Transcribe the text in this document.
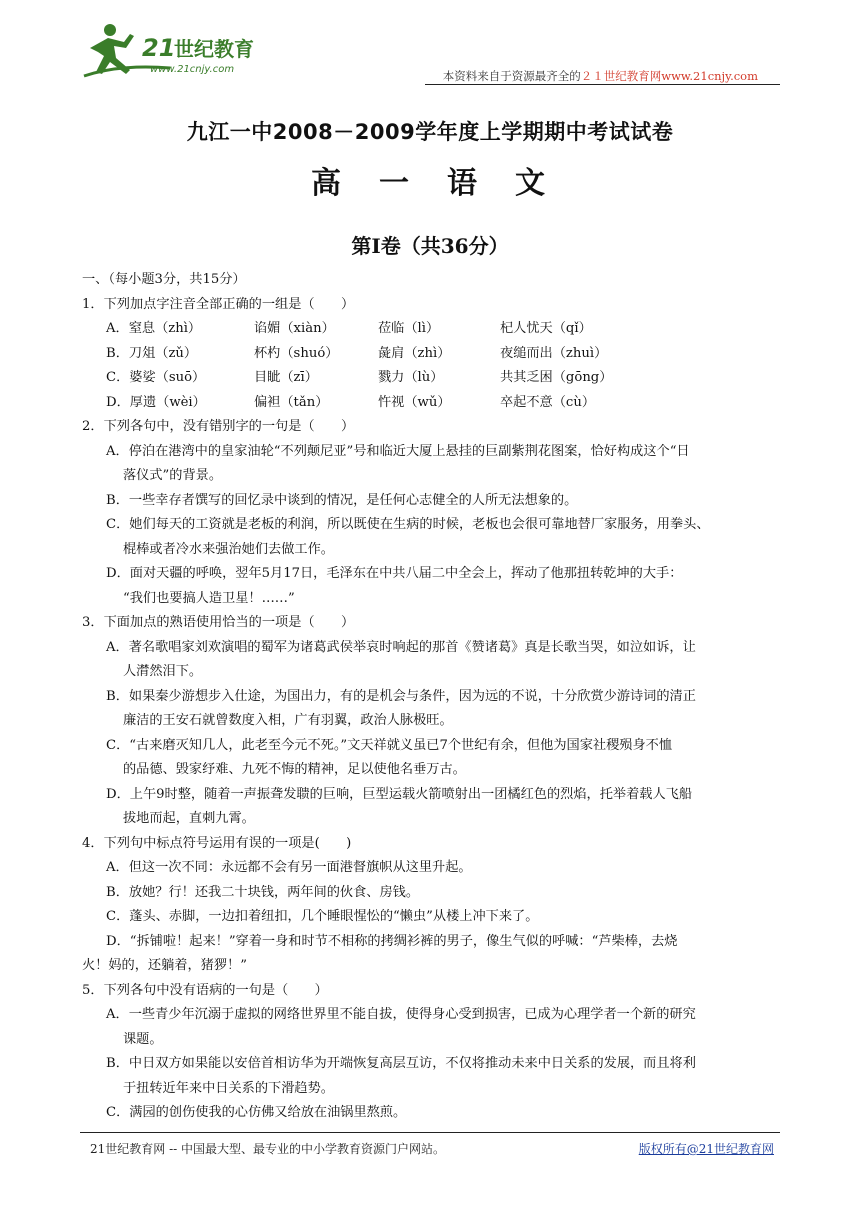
21
世纪教育
www.21cnjy.com	本资料来自于资源最齐全的２１世纪教育网www.21cnjy.com
九江一中2008－2009学年度上学期期中考试试卷
高　一　语　文
第Ⅰ卷（共36分）
一、（每小题3分，共15分）
1．下列加点字注音全部正确的一组是（　　）
A．窒息（zhì）	谄媚（xiàn）	莅临（lì）	杞人忧天（qǐ）
B．刀俎（zǔ）	杯杓（shuó）	彘肩（zhì）	夜缒而出（zhuì）
C．婆娑（suō）	目眦（zī）	戮力（lù）	共其乏困（gōng）
D．厚遗（wèi）	偏袒（tǎn）	忤视（wǔ）	卒起不意（cù）
2．下列各句中，没有错别字的一句是（　　）
A．停泊在港湾中的皇家油轮“不列颠尼亚”号和临近大厦上悬挂的巨副紫荆花图案，恰好构成这个“日
落仪式”的背景。
B．一些幸存者馔写的回忆录中谈到的情况，是任何心志健全的人所无法想象的。
C．她们每天的工资就是老板的利润，所以既使在生病的时候，老板也会很可靠地替厂家服务，用拳头、
棍棒或者冷水来强治她们去做工作。
D．面对天疆的呼唤，翌年5月17日，毛泽东在中共八届二中全会上，挥动了他那扭转乾坤的大手：
“我们也要搞人造卫星！……”
3．下面加点的熟语使用恰当的一项是（　　）
A．著名歌唱家刘欢演唱的蜀军为诸葛武侯举哀时响起的那首《赞诸葛》真是长歌当哭，如泣如诉，让
人潸然泪下。
B．如果秦少游想步入仕途，为国出力，有的是机会与条件，因为远的不说，十分欣赏少游诗词的清正
廉洁的王安石就曾数度入相，广有羽翼，政治人脉极旺。
C．“古来磨灭知几人，此老至今元不死。”文天祥就义虽已7个世纪有余，但他为国家社稷殒身不恤
的品德、毁家纾难、九死不悔的精神，足以使他名垂万古。
D．上午9时整，随着一声振聋发聩的巨响，巨型运载火箭喷射出一团橘红色的烈焰，托举着载人飞船
拔地而起，直刺九霄。
4．下列句中标点符号运用有误的一项是(　　)
A．但这一次不同：永远都不会有另一面港督旗帜从这里升起。
B．放她？行！还我二十块钱，两年间的伙食、房钱。
C．蓬头、赤脚，一边扣着纽扣，几个睡眼惺忪的“懒虫”从楼上冲下来了。
D．“拆铺啦！起来！”穿着一身和时节不相称的拷绸衫裤的男子，像生气似的呼喊：“芦柴棒，去烧
火！妈的，还躺着，猪猡！”
5．下列各句中没有语病的一句是（　　）
A．一些青少年沉溺于虚拟的网络世界里不能自拔，使得身心受到损害，已成为心理学者一个新的研究
课题。
B．中日双方如果能以安倍首相访华为开端恢复高层互访，不仅将推动未来中日关系的发展，而且将利
于扭转近年来中日关系的下滑趋势。
C．满园的创伤使我的心仿佛又给放在油锅里熬煎。
21世纪教育网 -- 中国最大型、最专业的中小学教育资源门户网站。	版权所有@21世纪教育网
